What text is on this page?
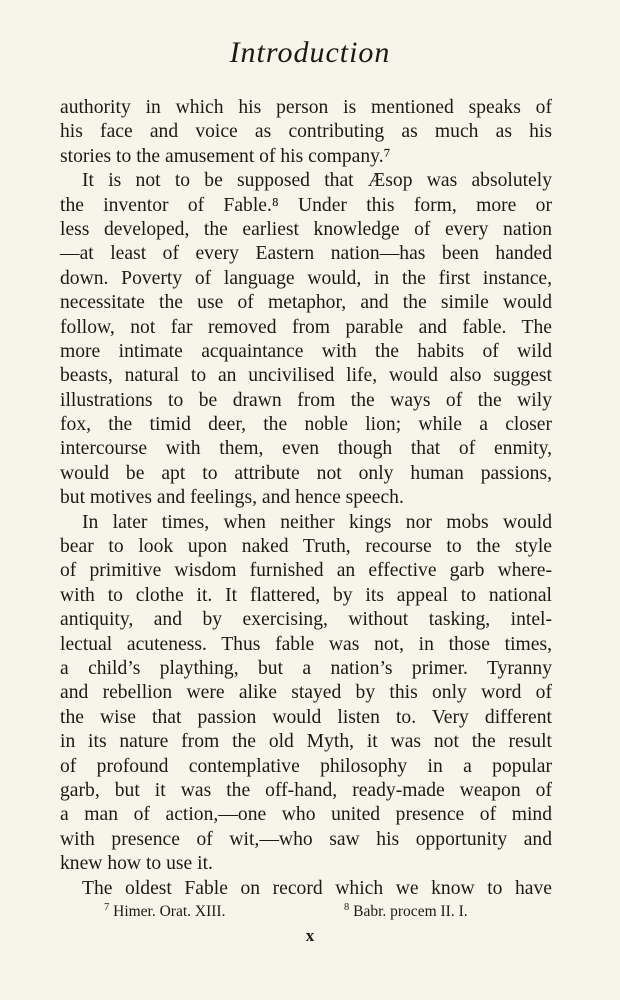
Introduction
authority in which his person is mentioned speaks of
his face and voice as contributing as much as his
stories to the amusement of his company.⁷
It is not to be supposed that Æsop was absolutely
the inventor of Fable.⁸ Under this form, more or
less developed, the earliest knowledge of every nation
—at least of every Eastern nation—has been handed
down. Poverty of language would, in the first instance,
necessitate the use of metaphor, and the simile would
follow, not far removed from parable and fable. The
more intimate acquaintance with the habits of wild
beasts, natural to an uncivilised life, would also suggest
illustrations to be drawn from the ways of the wily
fox, the timid deer, the noble lion; while a closer
intercourse with them, even though that of enmity,
would be apt to attribute not only human passions,
but motives and feelings, and hence speech.
In later times, when neither kings nor mobs would
bear to look upon naked Truth, recourse to the style
of primitive wisdom furnished an effective garb where-
with to clothe it. It flattered, by its appeal to national
antiquity, and by exercising, without tasking, intel-
lectual acuteness. Thus fable was not, in those times,
a child’s plaything, but a nation’s primer. Tyranny
and rebellion were alike stayed by this only word of
the wise that passion would listen to. Very different
in its nature from the old Myth, it was not the result
of profound contemplative philosophy in a popular
garb, but it was the off-hand, ready-made weapon of
a man of action,—one who united presence of mind
with presence of wit,—who saw his opportunity and
knew how to use it.
The oldest Fable on record which we know to have
$^7$ Himer. Orat. XIII.	$^8$ Babr. procem II. I.
x
